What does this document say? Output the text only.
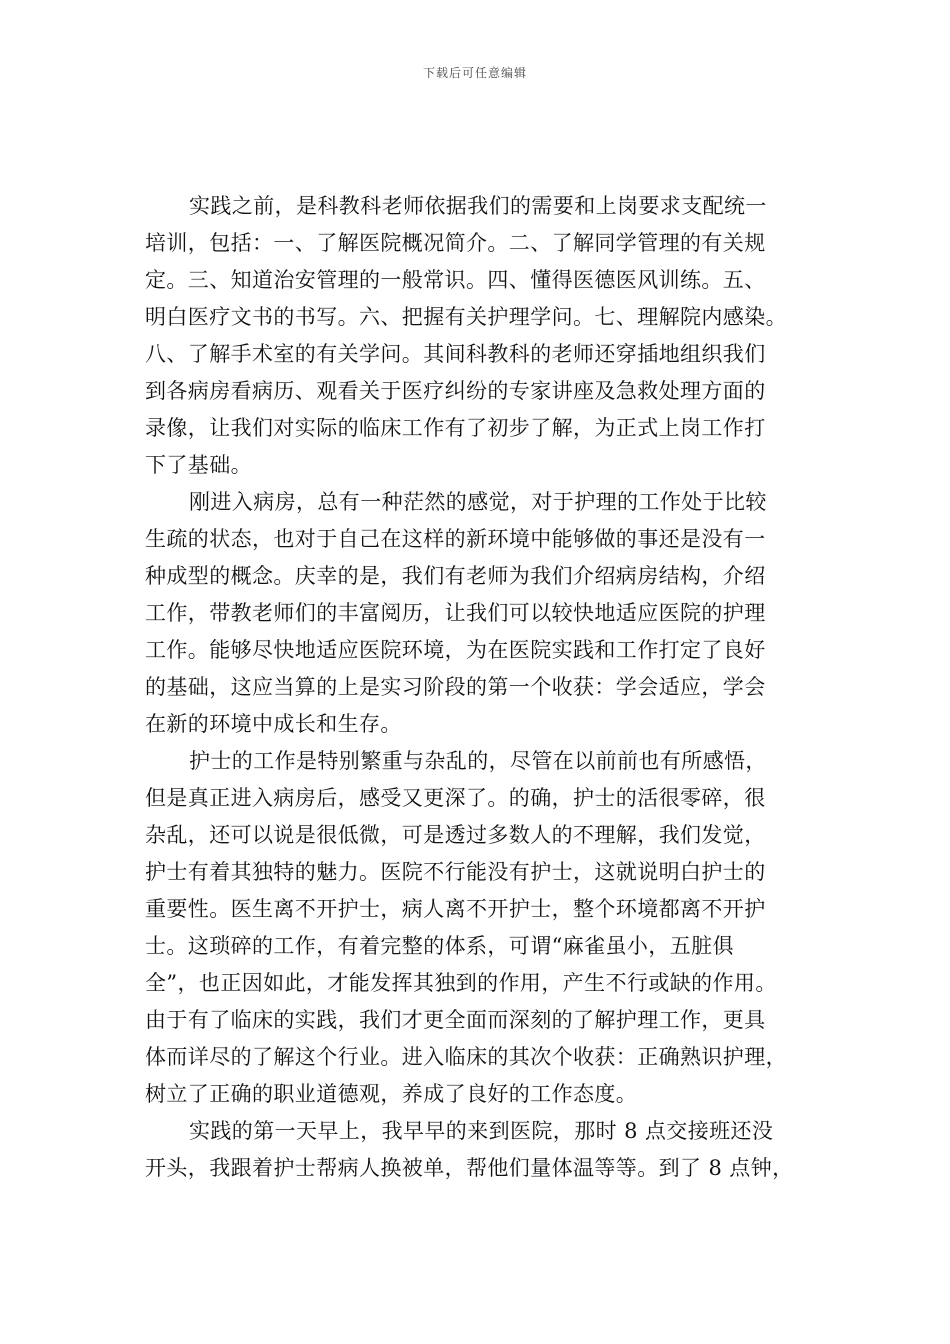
下载后可任意编辑
实践之前，是科教科老师依据我们的需要和上岗要求支配统一
培训，包括：一、了解医院概况简介。二、了解同学管理的有关规
定。三、知道治安管理的一般常识。四、懂得医德医风训练。五、
明白医疗文书的书写。六、把握有关护理学问。七、理解院内感染。
八、了解手术室的有关学问。其间科教科的老师还穿插地组织我们
到各病房看病历、观看关于医疗纠纷的专家讲座及急救处理方面的
录像，让我们对实际的临床工作有了初步了解，为正式上岗工作打
下了基础。
刚进入病房，总有一种茫然的感觉，对于护理的工作处于比较
生疏的状态，也对于自己在这样的新环境中能够做的事还是没有一
种成型的概念。庆幸的是，我们有老师为我们介绍病房结构，介绍
工作，带教老师们的丰富阅历，让我们可以较快地适应医院的护理
工作。能够尽快地适应医院环境，为在医院实践和工作打定了良好
的基础，这应当算的上是实习阶段的第一个收获：学会适应，学会
在新的环境中成长和生存。
护士的工作是特别繁重与杂乱的，尽管在以前前也有所感悟，
但是真正进入病房后，感受又更深了。的确，护士的活很零碎，很
杂乱，还可以说是很低微，可是透过多数人的不理解，我们发觉，
护士有着其独特的魅力。医院不行能没有护士，这就说明白护士的
重要性。医生离不开护士，病人离不开护士，整个环境都离不开护
士。这琐碎的工作，有着完整的体系，可谓“麻雀虽小，五脏俱
全”，也正因如此，才能发挥其独到的作用，产生不行或缺的作用。
由于有了临床的实践，我们才更全面而深刻的了解护理工作，更具
体而详尽的了解这个行业。进入临床的其次个收获：正确熟识护理，
树立了正确的职业道德观，养成了良好的工作态度。
实践的第一天早上，我早早的来到医院，那时 8 点交接班还没
开头，我跟着护士帮病人换被单，帮他们量体温等等。到了 8 点钟，
